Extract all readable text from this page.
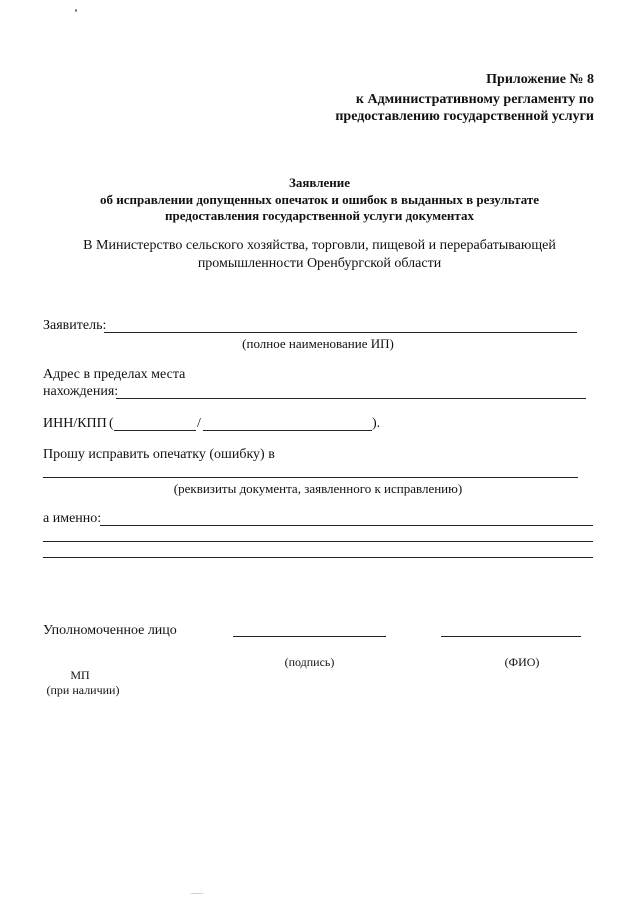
Приложение № 8
к Административному регламенту по
предоставлению государственной услуги
Заявление
об исправлении допущенных опечаток и ошибок в выданных в результате
предоставления государственной услуги документах
В Министерство сельского хозяйства, торговли, пищевой и перерабатывающей
промышленности Оренбургской области
Заявитель:
(полное наименование ИП)
Адрес в пределах места
нахождения:
ИНН/КПП (	/	).
Прошу исправить опечатку (ошибку) в
(реквизиты документа, заявленного к исправлению)
а именно:
Уполномоченное лицо
(подпись)	(ФИО)
МП
(при наличии)
